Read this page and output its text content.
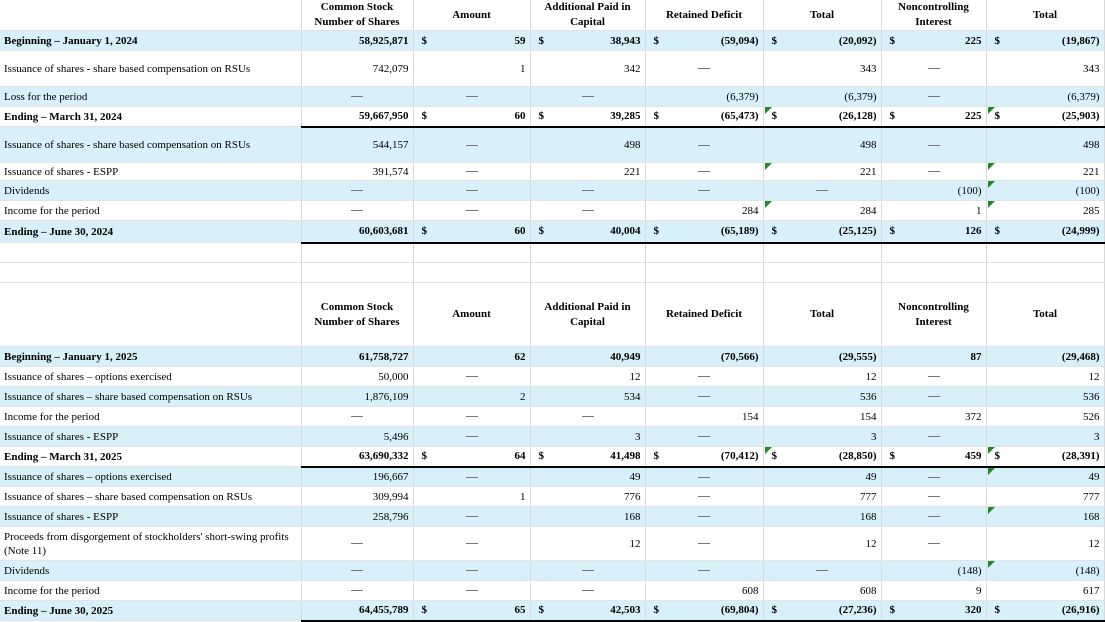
	Common Stock Number of Shares	Amount	Additional Paid in Capital	Retained Deficit	Total	Noncontrolling Interest	Total
Beginning – January 1, 2024	58,925,871	$ 59	$ 38,943	$ (59,094)	$ (20,092)	$ 225	$ (19,867)
Issuance of shares - share based compensation on RSUs	742,079	1	342		343		343
Loss for the period				(6,379)	(6,379)		(6,379)
Ending – March 31, 2024	59,667,950	$ 60	$ 39,285	$ (65,473)	$ (26,128)	$ 225	$ (25,903)

Issuance of shares - share based compensation on RSUs	544,157		498		498		498
Issuance of shares - ESPP	391,574		221		221		221

Dividends						(100)	(100)

Income for the period				284	284	1	285

Ending – June 30, 2024	60,603,681	$ 60	$ 40,004	$ (65,189)	$ (25,125)	$ 126	$ (24,999)

	Common Stock Number of Shares	Amount	Additional Paid in Capital	Retained Deficit	Total	Noncontrolling Interest	Total
Beginning – January 1, 2025	61,758,727	62	40,949	(70,566)	(29,555)	87	(29,468)
Issuance of shares – options exercised	50,000		12		12		12
Issuance of shares – share based compensation on RSUs	1,876,109	2	534		536		536
Income for the period				154	154	372	526
Issuance of shares - ESPP	5,496		3		3		3
Ending – March 31, 2025	63,690,332	$ 64	$ 41,498	$ (70,412)	$ (28,850)	$ 459	$ (28,391)

Issuance of shares – options exercised	196,667		49		49		49

Issuance of shares – share based compensation on RSUs	309,994	1	776		777		777
Issuance of shares - ESPP	258,796		168		168		168

Proceeds from disgorgement of stockholders' short-swing profits (Note 11)			12		12		12
Dividends						(148)	(148)

Income for the period				608	608	9	617
Ending – June 30, 2025	64,455,789	$ 65	$ 42,503	$ (69,804)	$ (27,236)	$ 320	$ (26,916)
